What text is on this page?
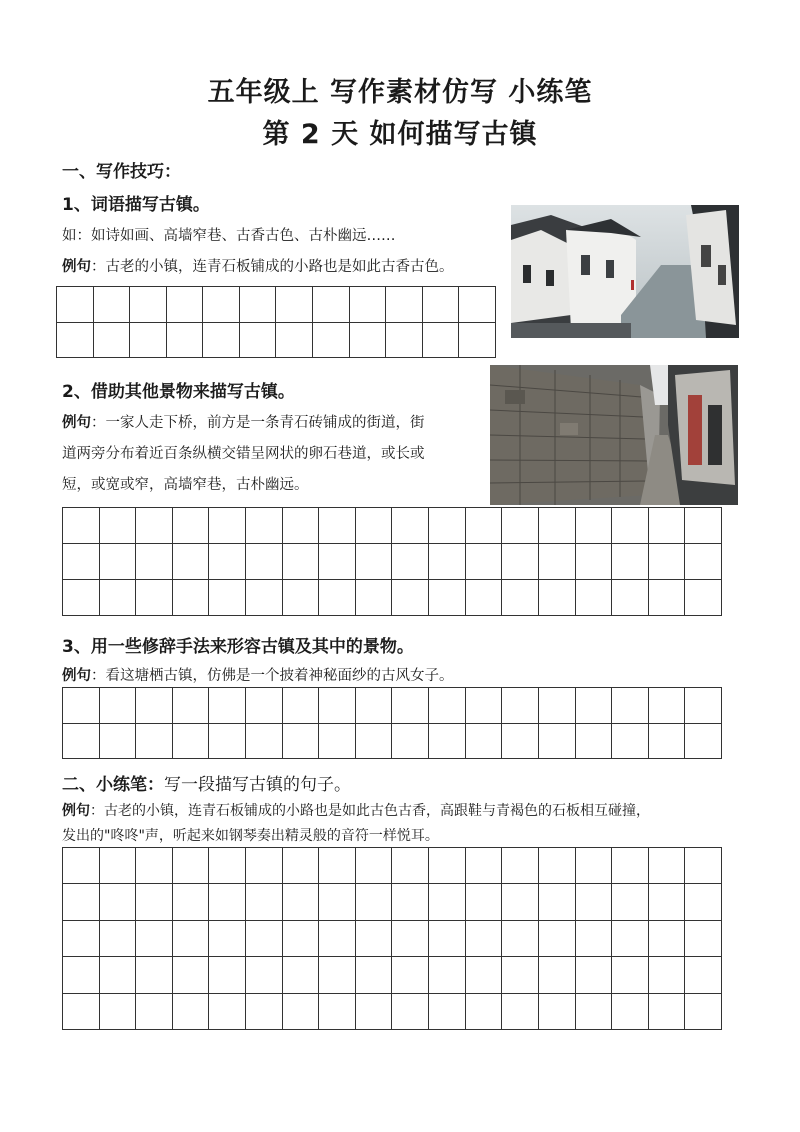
五年级上 写作素材仿写 小练笔
第 2 天 如何描写古镇
一、写作技巧：
1、词语描写古镇。
如：如诗如画、高墙窄巷、古香古色、古朴幽远……
例句：古老的小镇，连青石板铺成的小路也是如此古香古色。

2、借助其他景物来描写古镇。
例句：一家人走下桥，前方是一条青石砖铺成的街道，街
道两旁分布着近百条纵横交错呈网状的卵石巷道，或长或
短，或宽或窄，高墙窄巷，古朴幽远。

3、用一些修辞手法来形容古镇及其中的景物。
例句：看这塘栖古镇，仿佛是一个披着神秘面纱的古风女子。

二、小练笔：写一段描写古镇的句子。
例句：古老的小镇，连青石板铺成的小路也是如此古色古香，高跟鞋与青褐色的石板相互碰撞，
发出的"咚咚"声，听起来如钢琴奏出精灵般的音符一样悦耳。
